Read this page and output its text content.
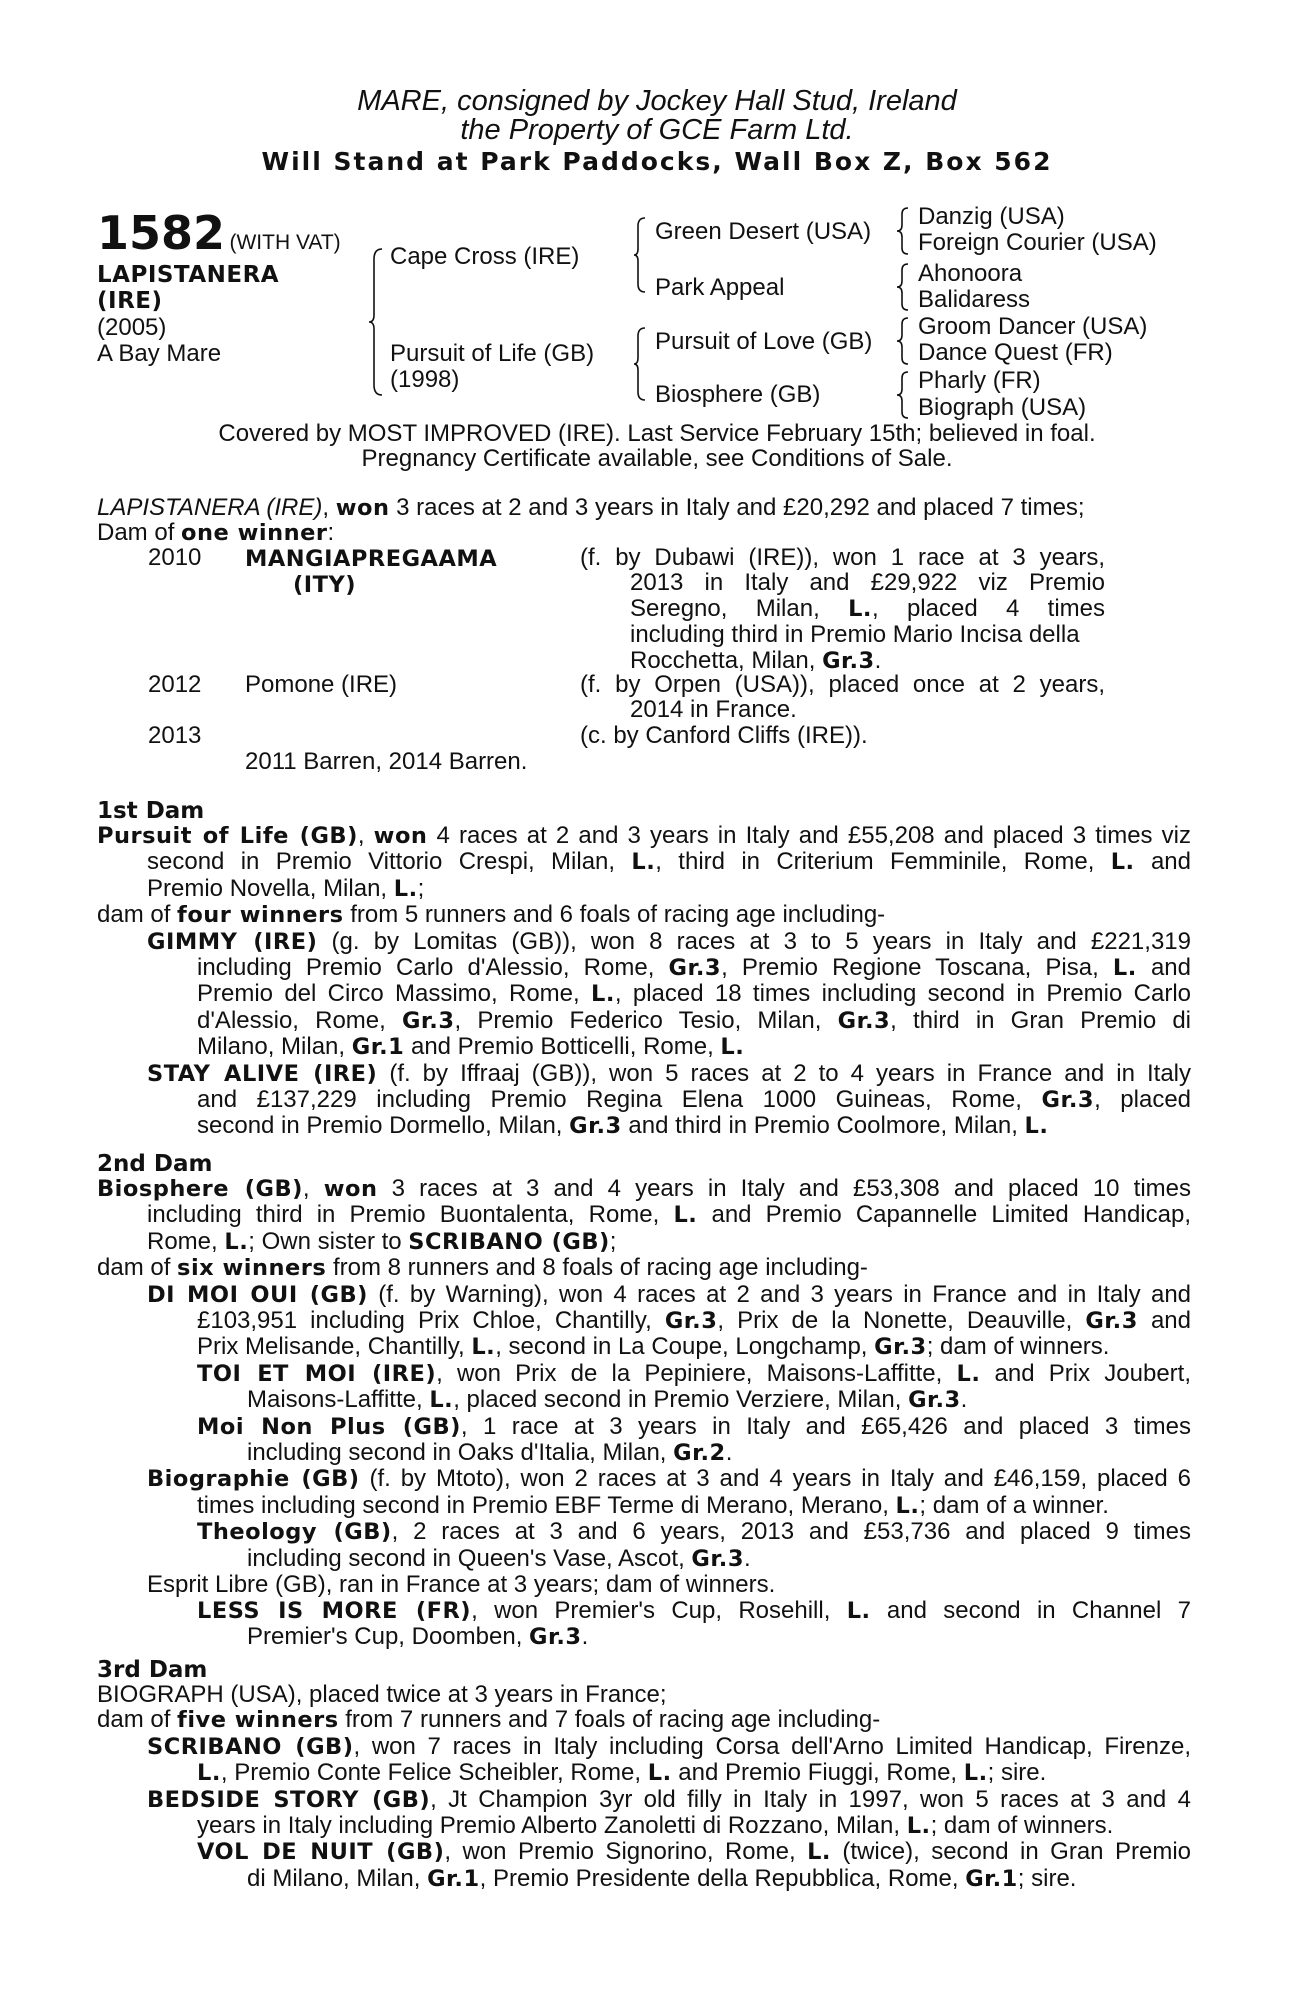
MARE, consigned by Jockey Hall Stud, Ireland
the Property of GCE Farm Ltd.
Will Stand at Park Paddocks, Wall Box Z, Box 562
1582 (WITH VAT)
LAPISTANERA
(IRE)
(2005)
A Bay Mare
Cape Cross (IRE)
Pursuit of Life (GB)
(1998)
Green Desert (USA)
Park Appeal
Pursuit of Love (GB)
Biosphere (GB)
Danzig (USA)
Foreign Courier (USA)
Ahonoora
Balidaress
Groom Dancer (USA)
Dance Quest (FR)
Pharly (FR)
Biograph (USA)
Covered by MOST IMPROVED (IRE). Last Service February 15th; believed in foal.
Pregnancy Certificate available, see Conditions of Sale.
LAPISTANERA (IRE), won 3 races at 2 and 3 years in Italy and £20,292 and placed 7 times;
Dam of one winner:
2010 MANGIAPREGAAMA
(ITY)
(f. by Dubawi (IRE)), won 1 race at 3 years,
2013 in Italy and £29,922 viz Premio
Seregno, Milan, L., placed 4 times
including third in Premio Mario Incisa della
Rocchetta, Milan, Gr.3.
2012 Pomone (IRE)	(f. by Orpen (USA)), placed once at 2 years,
2014 in France.
2013	(c. by Canford Cliffs (IRE)).
2011 Barren, 2014 Barren.
1st Dam
Pursuit of Life (GB), won 4 races at 2 and 3 years in Italy and £55,208 and placed 3 times viz
second in Premio Vittorio Crespi, Milan, L., third in Criterium Femminile, Rome, L. and
Premio Novella, Milan, L.;
dam of four winners from 5 runners and 6 foals of racing age including-
GIMMY (IRE) (g. by Lomitas (GB)), won 8 races at 3 to 5 years in Italy and £221,319
including Premio Carlo d'Alessio, Rome, Gr.3, Premio Regione Toscana, Pisa, L. and
Premio del Circo Massimo, Rome, L., placed 18 times including second in Premio Carlo
d'Alessio, Rome, Gr.3, Premio Federico Tesio, Milan, Gr.3, third in Gran Premio di
Milano, Milan, Gr.1 and Premio Botticelli, Rome, L.
STAY ALIVE (IRE) (f. by Iffraaj (GB)), won 5 races at 2 to 4 years in France and in Italy
and £137,229 including Premio Regina Elena 1000 Guineas, Rome, Gr.3, placed
second in Premio Dormello, Milan, Gr.3 and third in Premio Coolmore, Milan, L.
2nd Dam
Biosphere (GB), won 3 races at 3 and 4 years in Italy and £53,308 and placed 10 times
including third in Premio Buontalenta, Rome, L. and Premio Capannelle Limited Handicap,
Rome, L.; Own sister to SCRIBANO (GB);
dam of six winners from 8 runners and 8 foals of racing age including-
DI MOI OUI (GB) (f. by Warning), won 4 races at 2 and 3 years in France and in Italy and
£103,951 including Prix Chloe, Chantilly, Gr.3, Prix de la Nonette, Deauville, Gr.3 and
Prix Melisande, Chantilly, L., second in La Coupe, Longchamp, Gr.3; dam of winners.
TOI ET MOI (IRE), won Prix de la Pepiniere, Maisons-Laffitte, L. and Prix Joubert,
Maisons-Laffitte, L., placed second in Premio Verziere, Milan, Gr.3.
Moi Non Plus (GB), 1 race at 3 years in Italy and £65,426 and placed 3 times
including second in Oaks d'Italia, Milan, Gr.2.
Biographie (GB) (f. by Mtoto), won 2 races at 3 and 4 years in Italy and £46,159, placed 6
times including second in Premio EBF Terme di Merano, Merano, L.; dam of a winner.
Theology (GB), 2 races at 3 and 6 years, 2013 and £53,736 and placed 9 times
including second in Queen's Vase, Ascot, Gr.3.
Esprit Libre (GB), ran in France at 3 years; dam of winners.
LESS IS MORE (FR), won Premier's Cup, Rosehill, L. and second in Channel 7
Premier's Cup, Doomben, Gr.3.
3rd Dam
BIOGRAPH (USA), placed twice at 3 years in France;
dam of five winners from 7 runners and 7 foals of racing age including-
SCRIBANO (GB), won 7 races in Italy including Corsa dell'Arno Limited Handicap, Firenze,
L., Premio Conte Felice Scheibler, Rome, L. and Premio Fiuggi, Rome, L.; sire.
BEDSIDE STORY (GB), Jt Champion 3yr old filly in Italy in 1997, won 5 races at 3 and 4
years in Italy including Premio Alberto Zanoletti di Rozzano, Milan, L.; dam of winners.
VOL DE NUIT (GB), won Premio Signorino, Rome, L. (twice), second in Gran Premio
di Milano, Milan, Gr.1, Premio Presidente della Repubblica, Rome, Gr.1; sire.
